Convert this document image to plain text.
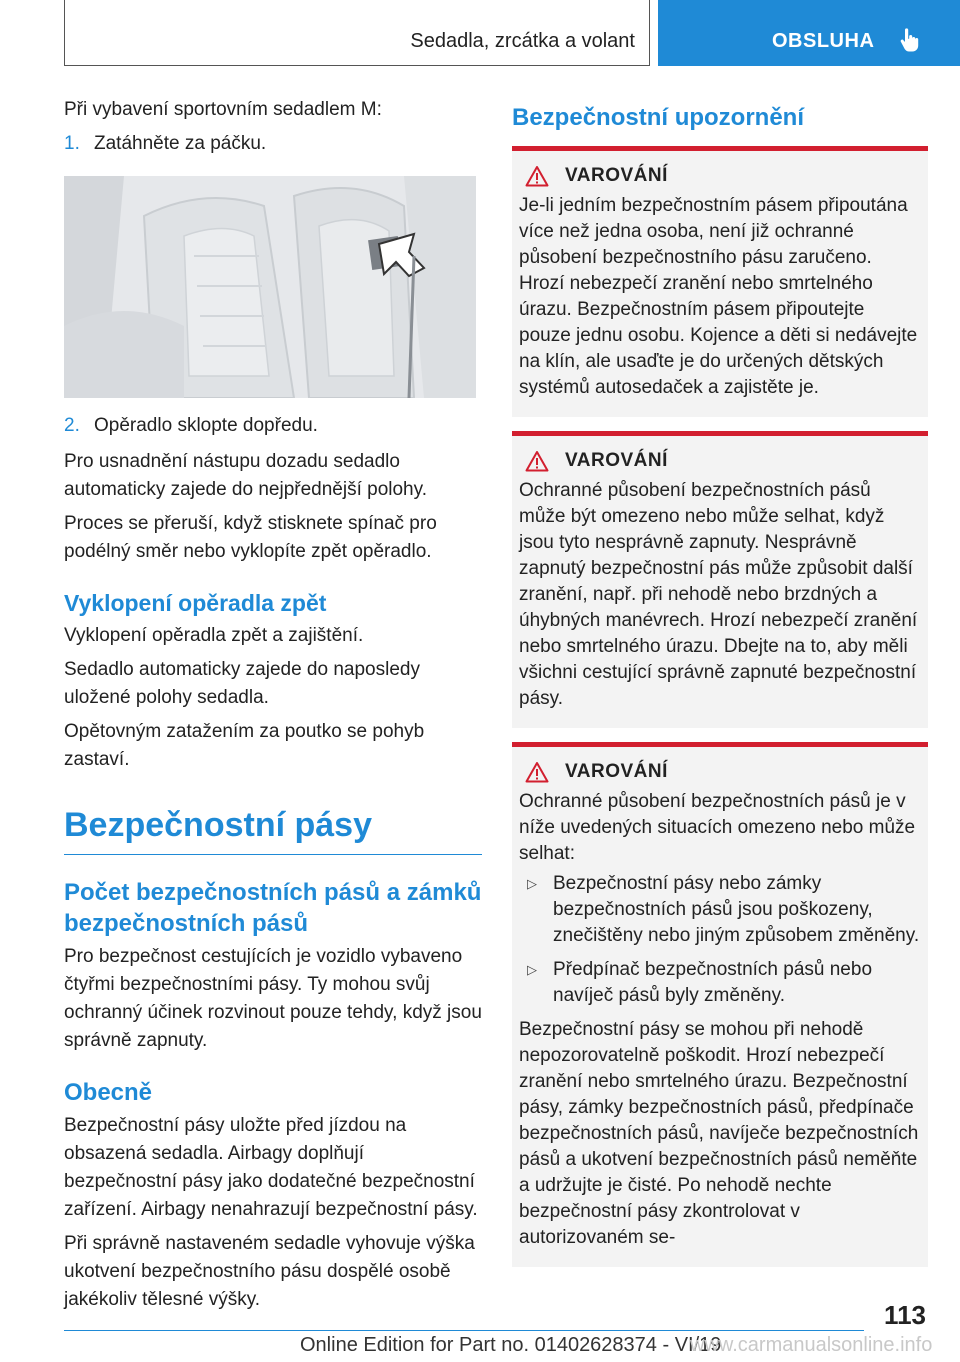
Sedadla, zrcátka a volant	OBSLUHA
Při vybavení sportovním sedadlem M:
1. Zatáhněte za páčku.
2. Opěradlo sklopte dopředu.
Pro usnadnění nástupu dozadu sedadlo automaticky zajede do nejpřednější polohy.
Proces se přeruší, když stisknete spínač pro podélný směr nebo vyklopíte zpět opěradlo.
Vyklopení opěradla zpět
Vyklopení opěradla zpět a zajištění.
Sedadlo automaticky zajede do naposledy uložené polohy sedadla.
Opětovným zatažením za poutko se pohyb zastaví.
Bezpečnostní pásy
Počet bezpečnostních pásů a zámků bezpečnostních pásů
Pro bezpečnost cestujících je vozidlo vybaveno čtyřmi bezpečnostními pásy. Ty mohou svůj ochranný účinek rozvinout pouze tehdy, když jsou správně zapnuty.
Obecně
Bezpečnostní pásy uložte před jízdou na obsazená sedadla. Airbagy doplňují bezpečnostní pásy jako dodatečné bezpečnostní zařízení. Airbagy nenahrazují bezpečnostní pásy.
Při správně nastaveném sedadle vyhovuje výška ukotvení bezpečnostního pásu dospělé osobě jakékoliv tělesné výšky.
Bezpečnostní upozornění
VAROVÁNÍ

Je-li jedním bezpečnostním pásem připoutána více než jedna osoba, není již ochranné působení bezpečnostního pásu zaručeno. Hrozí nebezpečí zranění nebo smrtelného úrazu. Bezpečnostním pásem připoutejte pouze jednu osobu. Kojence a děti si nedávejte na klín, ale usaďte je do určených dětských systémů autosedaček a zajistěte je.

VAROVÁNÍ

Ochranné působení bezpečnostních pásů může být omezeno nebo může selhat, když jsou tyto nesprávně zapnuty. Nesprávně zapnutý bezpečnostní pás může způsobit další zranění, např. při nehodě nebo brzdných a úhybných manévrech. Hrozí nebezpečí zranění nebo smrtelného úrazu. Dbejte na to, aby měli všichni cestující správně zapnuté bezpečnostní pásy.

VAROVÁNÍ

Ochranné působení bezpečnostních pásů je v níže uvedených situacích omezeno nebo může selhat:

▷ Bezpečnostní pásy nebo zámky bezpečnostních pásů jsou poškozeny, znečištěny nebo jiným způsobem změněny.
▷ Předpínač bezpečnostních pásů nebo navíječ pásů byly změněny.

Bezpečnostní pásy se mohou při nehodě nepozorovatelně poškodit. Hrozí nebezpečí zranění nebo smrtelného úrazu. Bezpečnostní pásy, zámky bezpečnostních pásů, předpínače bezpečnostních pásů, navíječe bezpečnostních pásů a ukotvení bezpečnostních pásů neměňte a udržujte je čisté. Po nehodě nechte bezpečnostní pásy zkontrolovat v autorizovaném se-

113
Online Edition for Part no. 01402628374 - VI/19
www.carmanualsonline.info
